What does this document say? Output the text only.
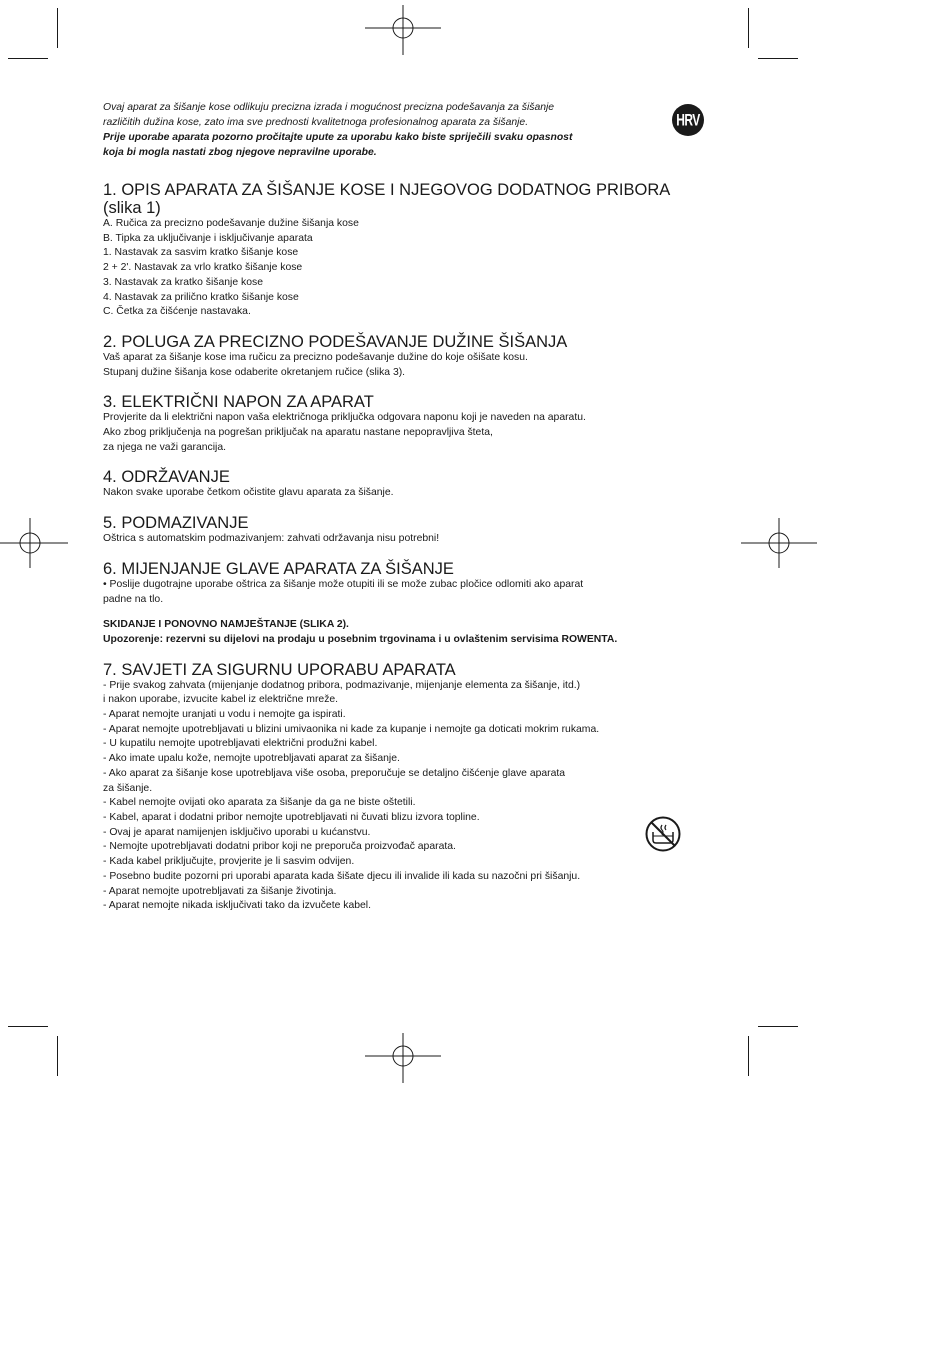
HRV

Ovaj aparat za šišanje kose odlikuju precizna izrada i mogućnost precizna podešavanja za šišanje

različitih dužina kose, zato ima sve prednosti kvalitetnoga profesionalnog aparata za šišanje.

Prije uporabe aparata pozorno pročitajte upute za uporabu kako biste spriječili svaku opasnost

koja bi mogla nastati zbog njegove nepravilne uporabe.

1. OPIS APARATA ZA ŠIŠANJE KOSE I NJEGOVOG DODATNOG PRIBORA
(slika 1)

A. Ručica za precizno podešavanje dužine šišanja kose

B. Tipka za uključivanje i isključivanje aparata

1. Nastavak za sasvim kratko šišanje kose

2 + 2'. Nastavak za vrlo kratko šišanje kose

3. Nastavak za kratko šišanje kose

4. Nastavak za prilično kratko šišanje kose

C. Četka za čišćenje nastavaka.

2. POLUGA ZA PRECIZNO PODEŠAVANJE DUŽINE ŠIŠANJA

Vaš aparat za šišanje kose ima ručicu za precizno podešavanje dužine do koje ošišate kosu.

Stupanj dužine šišanja kose odaberite okretanjem ručice (slika 3).

3. ELEKTRIČNI NAPON ZA APARAT

Provjerite da li električni napon vaša električnoga priključka odgovara naponu koji je naveden na aparatu.

Ako zbog priključenja na pogrešan priključak na aparatu nastane nepopravljiva šteta,

za njega ne važi garancija.

4. ODRŽAVANJE

Nakon svake uporabe četkom očistite glavu aparata za šišanje.

5. PODMAZIVANJE

Oštrica s automatskim podmazivanjem: zahvati održavanja nisu potrebni!

6. MIJENJANJE GLAVE APARATA ZA ŠIŠANJE

• Poslije dugotrajne uporabe oštrica za šišanje može otupiti ili se može zubac pločice odlomiti ako aparat

padne na tlo.

SKIDANJE I PONOVNO NAMJEŠTANJE (SLIKA 2).

Upozorenje: rezervni su dijelovi na prodaju u posebnim trgovinama i u ovlaštenim servisima ROWENTA.

7. SAVJETI ZA SIGURNU UPORABU APARATA

- Prije svakog zahvata (mijenjanje dodatnog pribora, podmazivanje, mijenjanje elementa za šišanje, itd.)

i nakon uporabe, izvucite kabel iz električne mreže.

- Aparat nemojte uranjati u vodu i nemojte ga ispirati.

- Aparat nemojte upotrebljavati u blizini umivaonika ni kade za kupanje i nemojte ga doticati mokrim rukama.

- U kupatilu nemojte upotrebljavati električni produžni kabel.

- Ako imate upalu kože, nemojte upotrebljavati aparat za šišanje.

- Ako aparat za šišanje kose upotrebljava više osoba, preporučuje se detaljno čišćenje glave aparata

za šišanje.

- Kabel nemojte ovijati oko aparata za šišanje da ga ne biste oštetili.

- Kabel, aparat i dodatni pribor nemojte upotrebljavati ni čuvati blizu izvora topline.

- Ovaj je aparat namijenjen isključivo uporabi u kućanstvu.

- Nemojte upotrebljavati dodatni pribor koji ne preporuča proizvođač aparata.

- Kada kabel priključujte, provjerite je li sasvim odvijen.

- Posebno budite pozorni pri uporabi aparata kada šišate djecu ili invalide ili kada su nazočni pri šišanju.

- Aparat nemojte upotrebljavati za šišanje životinja.

- Aparat nemojte nikada isključivati tako da izvučete kabel.
